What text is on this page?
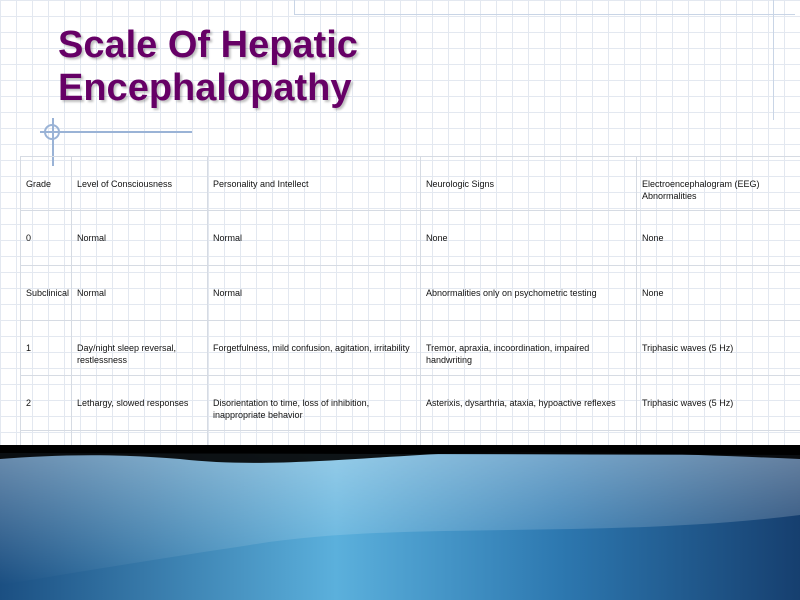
Scale Of Hepatic
Encephalopathy
Grade	Level of Consciousness	Personality and Intellect	Neurologic Signs	Electroencephalogram (EEG) Abnormalities
0	Normal	Normal	None	None
Subclinical	Normal	Normal	Abnormalities only on psychometric testing	None
1	Day/night sleep reversal, restlessness	Forgetfulness, mild confusion, agitation, irritability	Tremor, apraxia, incoordination, impaired handwriting	Triphasic waves (5 Hz)
2	Lethargy, slowed responses	Disorientation to time, loss of inhibition, inappropriate behavior	Asterixis, dysarthria, ataxia, hypoactive reflexes	Triphasic waves (5 Hz)
